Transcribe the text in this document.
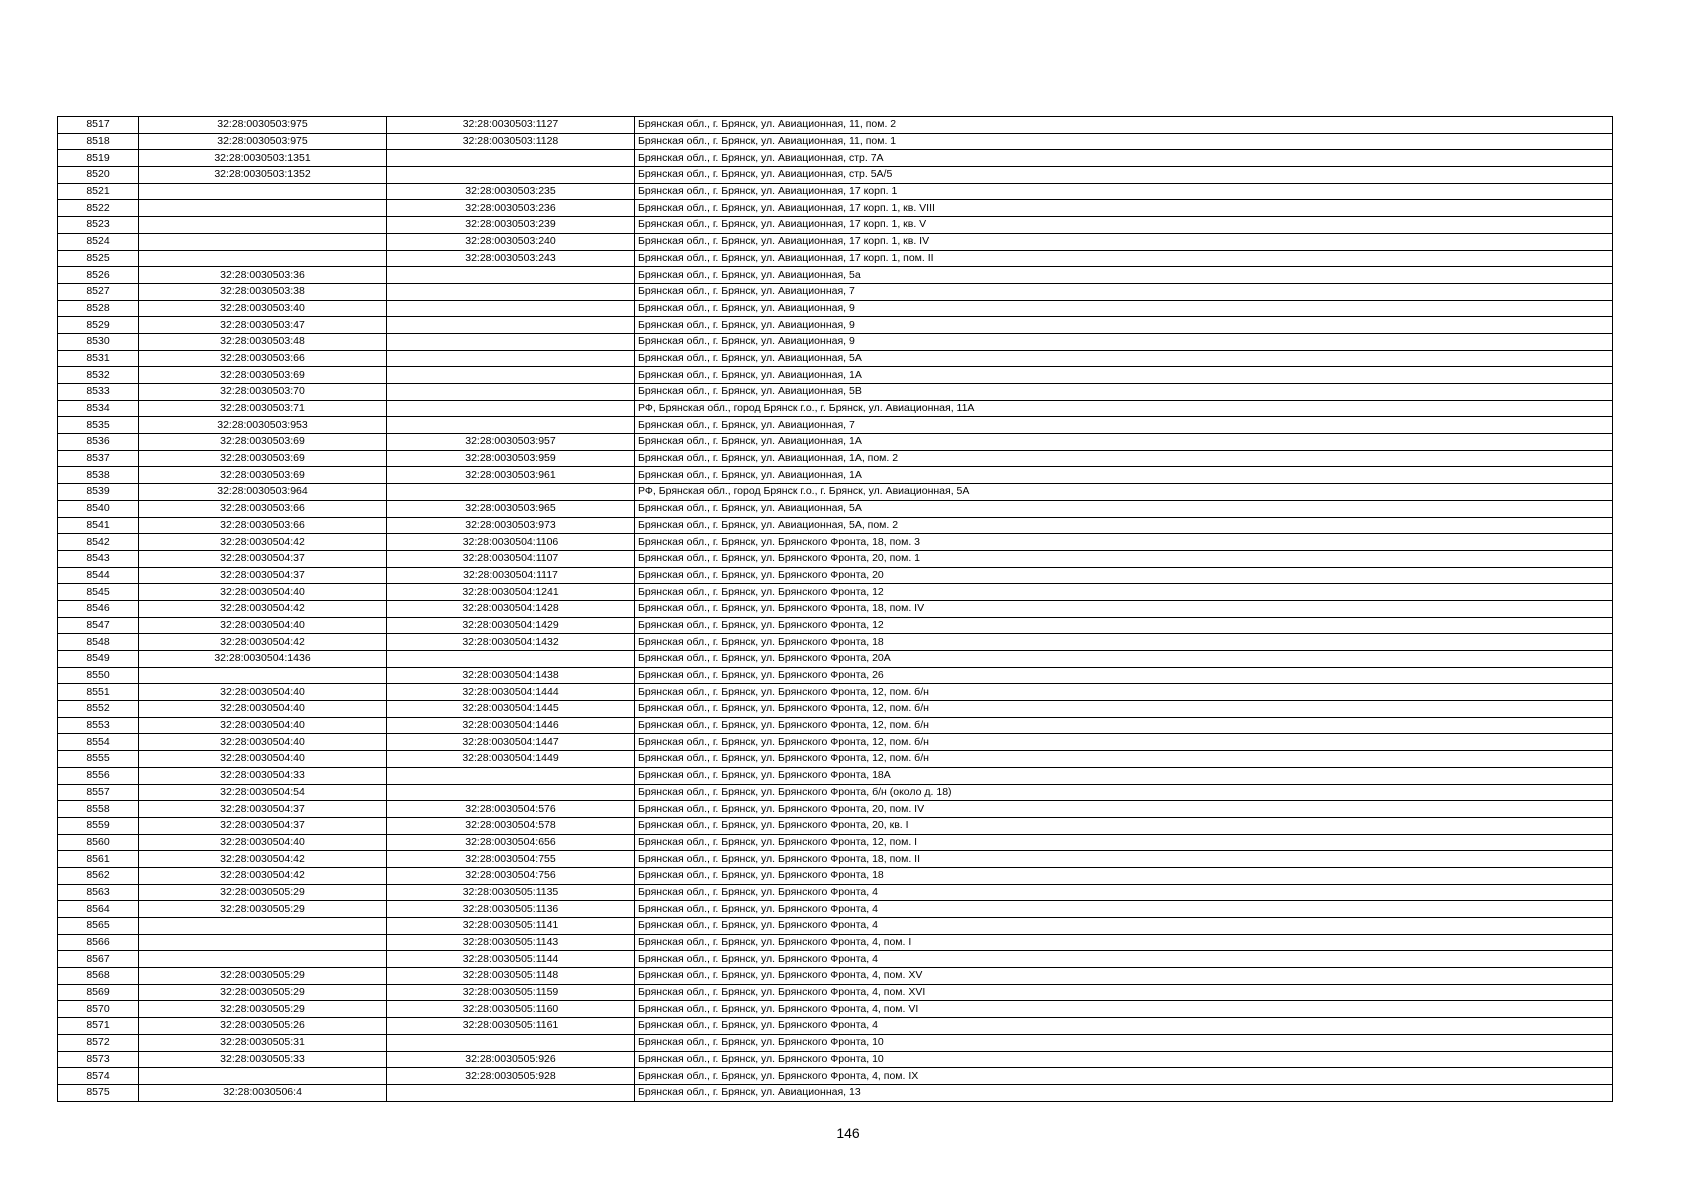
8517	32:28:0030503:975	32:28:0030503:1127	Брянская обл., г. Брянск, ул. Авиационная, 11, пом. 2
8518	32:28:0030503:975	32:28:0030503:1128	Брянская обл., г. Брянск, ул. Авиационная, 11, пом. 1
8519	32:28:0030503:1351		Брянская обл., г. Брянск, ул. Авиационная, стр. 7А
8520	32:28:0030503:1352		Брянская обл., г. Брянск, ул. Авиационная, стр. 5А/5
8521		32:28:0030503:235	Брянская обл., г. Брянск, ул. Авиационная, 17 корп. 1
8522		32:28:0030503:236	Брянская обл., г. Брянск, ул. Авиационная, 17 корп. 1, кв. VIII
8523		32:28:0030503:239	Брянская обл., г. Брянск, ул. Авиационная, 17 корп. 1, кв. V
8524		32:28:0030503:240	Брянская обл., г. Брянск, ул. Авиационная, 17 корп. 1, кв. IV
8525		32:28:0030503:243	Брянская обл., г. Брянск, ул. Авиационная, 17 корп. 1, пом. II
8526	32:28:0030503:36		Брянская обл., г. Брянск, ул. Авиационная, 5а
8527	32:28:0030503:38		Брянская обл., г. Брянск, ул. Авиационная, 7
8528	32:28:0030503:40		Брянская обл., г. Брянск, ул. Авиационная, 9
8529	32:28:0030503:47		Брянская обл., г. Брянск, ул. Авиационная, 9
8530	32:28:0030503:48		Брянская обл., г. Брянск, ул. Авиационная, 9
8531	32:28:0030503:66		Брянская обл., г. Брянск, ул. Авиационная, 5А
8532	32:28:0030503:69		Брянская обл., г. Брянск, ул. Авиационная, 1А
8533	32:28:0030503:70		Брянская обл., г. Брянск, ул. Авиационная, 5В
8534	32:28:0030503:71		РФ, Брянская обл., город Брянск г.о., г. Брянск, ул. Авиационная, 11А
8535	32:28:0030503:953		Брянская обл., г. Брянск, ул. Авиационная, 7
8536	32:28:0030503:69	32:28:0030503:957	Брянская обл., г. Брянск, ул. Авиационная, 1А
8537	32:28:0030503:69	32:28:0030503:959	Брянская обл., г. Брянск, ул. Авиационная, 1А, пом. 2
8538	32:28:0030503:69	32:28:0030503:961	Брянская обл., г. Брянск, ул. Авиационная, 1А
8539	32:28:0030503:964		РФ, Брянская обл., город Брянск г.о., г. Брянск, ул. Авиационная, 5А
8540	32:28:0030503:66	32:28:0030503:965	Брянская обл., г. Брянск, ул. Авиационная, 5А
8541	32:28:0030503:66	32:28:0030503:973	Брянская обл., г. Брянск, ул. Авиационная, 5А, пом. 2
8542	32:28:0030504:42	32:28:0030504:1106	Брянская обл., г. Брянск, ул. Брянского Фронта, 18, пом. 3
8543	32:28:0030504:37	32:28:0030504:1107	Брянская обл., г. Брянск, ул. Брянского Фронта, 20, пом. 1
8544	32:28:0030504:37	32:28:0030504:1117	Брянская обл., г. Брянск, ул. Брянского Фронта, 20
8545	32:28:0030504:40	32:28:0030504:1241	Брянская обл., г. Брянск, ул. Брянского Фронта, 12
8546	32:28:0030504:42	32:28:0030504:1428	Брянская обл., г. Брянск, ул. Брянского Фронта, 18, пом. IV
8547	32:28:0030504:40	32:28:0030504:1429	Брянская обл., г. Брянск, ул. Брянского Фронта, 12
8548	32:28:0030504:42	32:28:0030504:1432	Брянская обл., г. Брянск, ул. Брянского Фронта, 18
8549	32:28:0030504:1436		Брянская обл., г. Брянск, ул. Брянского Фронта, 20А
8550		32:28:0030504:1438	Брянская обл., г. Брянск, ул. Брянского Фронта, 26
8551	32:28:0030504:40	32:28:0030504:1444	Брянская обл., г. Брянск, ул. Брянского Фронта, 12, пом. б/н
8552	32:28:0030504:40	32:28:0030504:1445	Брянская обл., г. Брянск, ул. Брянского Фронта, 12, пом. б/н
8553	32:28:0030504:40	32:28:0030504:1446	Брянская обл., г. Брянск, ул. Брянского Фронта, 12, пом. б/н
8554	32:28:0030504:40	32:28:0030504:1447	Брянская обл., г. Брянск, ул. Брянского Фронта, 12, пом. б/н
8555	32:28:0030504:40	32:28:0030504:1449	Брянская обл., г. Брянск, ул. Брянского Фронта, 12, пом. б/н
8556	32:28:0030504:33		Брянская обл., г. Брянск, ул. Брянского Фронта, 18А
8557	32:28:0030504:54		Брянская обл., г. Брянск, ул. Брянского Фронта, б/н (около д. 18)
8558	32:28:0030504:37	32:28:0030504:576	Брянская обл., г. Брянск, ул. Брянского Фронта, 20, пом. IV
8559	32:28:0030504:37	32:28:0030504:578	Брянская обл., г. Брянск, ул. Брянского Фронта, 20, кв. I
8560	32:28:0030504:40	32:28:0030504:656	Брянская обл., г. Брянск, ул. Брянского Фронта, 12, пом. I
8561	32:28:0030504:42	32:28:0030504:755	Брянская обл., г. Брянск, ул. Брянского Фронта, 18, пом. II
8562	32:28:0030504:42	32:28:0030504:756	Брянская обл., г. Брянск, ул. Брянского Фронта, 18
8563	32:28:0030505:29	32:28:0030505:1135	Брянская обл., г. Брянск, ул. Брянского Фронта, 4
8564	32:28:0030505:29	32:28:0030505:1136	Брянская обл., г. Брянск, ул. Брянского Фронта, 4
8565		32:28:0030505:1141	Брянская обл., г. Брянск, ул. Брянского Фронта, 4
8566		32:28:0030505:1143	Брянская обл., г. Брянск, ул. Брянского Фронта, 4, пом. I
8567		32:28:0030505:1144	Брянская обл., г. Брянск, ул. Брянского Фронта, 4
8568	32:28:0030505:29	32:28:0030505:1148	Брянская обл., г. Брянск, ул. Брянского Фронта, 4, пом. XV
8569	32:28:0030505:29	32:28:0030505:1159	Брянская обл., г. Брянск, ул. Брянского Фронта, 4, пом. XVI
8570	32:28:0030505:29	32:28:0030505:1160	Брянская обл., г. Брянск, ул. Брянского Фронта, 4, пом. VI
8571	32:28:0030505:26	32:28:0030505:1161	Брянская обл., г. Брянск, ул. Брянского Фронта, 4
8572	32:28:0030505:31		Брянская обл., г. Брянск, ул. Брянского Фронта, 10
8573	32:28:0030505:33	32:28:0030505:926	Брянская обл., г. Брянск, ул. Брянского Фронта, 10
8574		32:28:0030505:928	Брянская обл., г. Брянск, ул. Брянского Фронта, 4, пом. IX
8575	32:28:0030506:4		Брянская обл., г. Брянск, ул. Авиационная, 13
146
